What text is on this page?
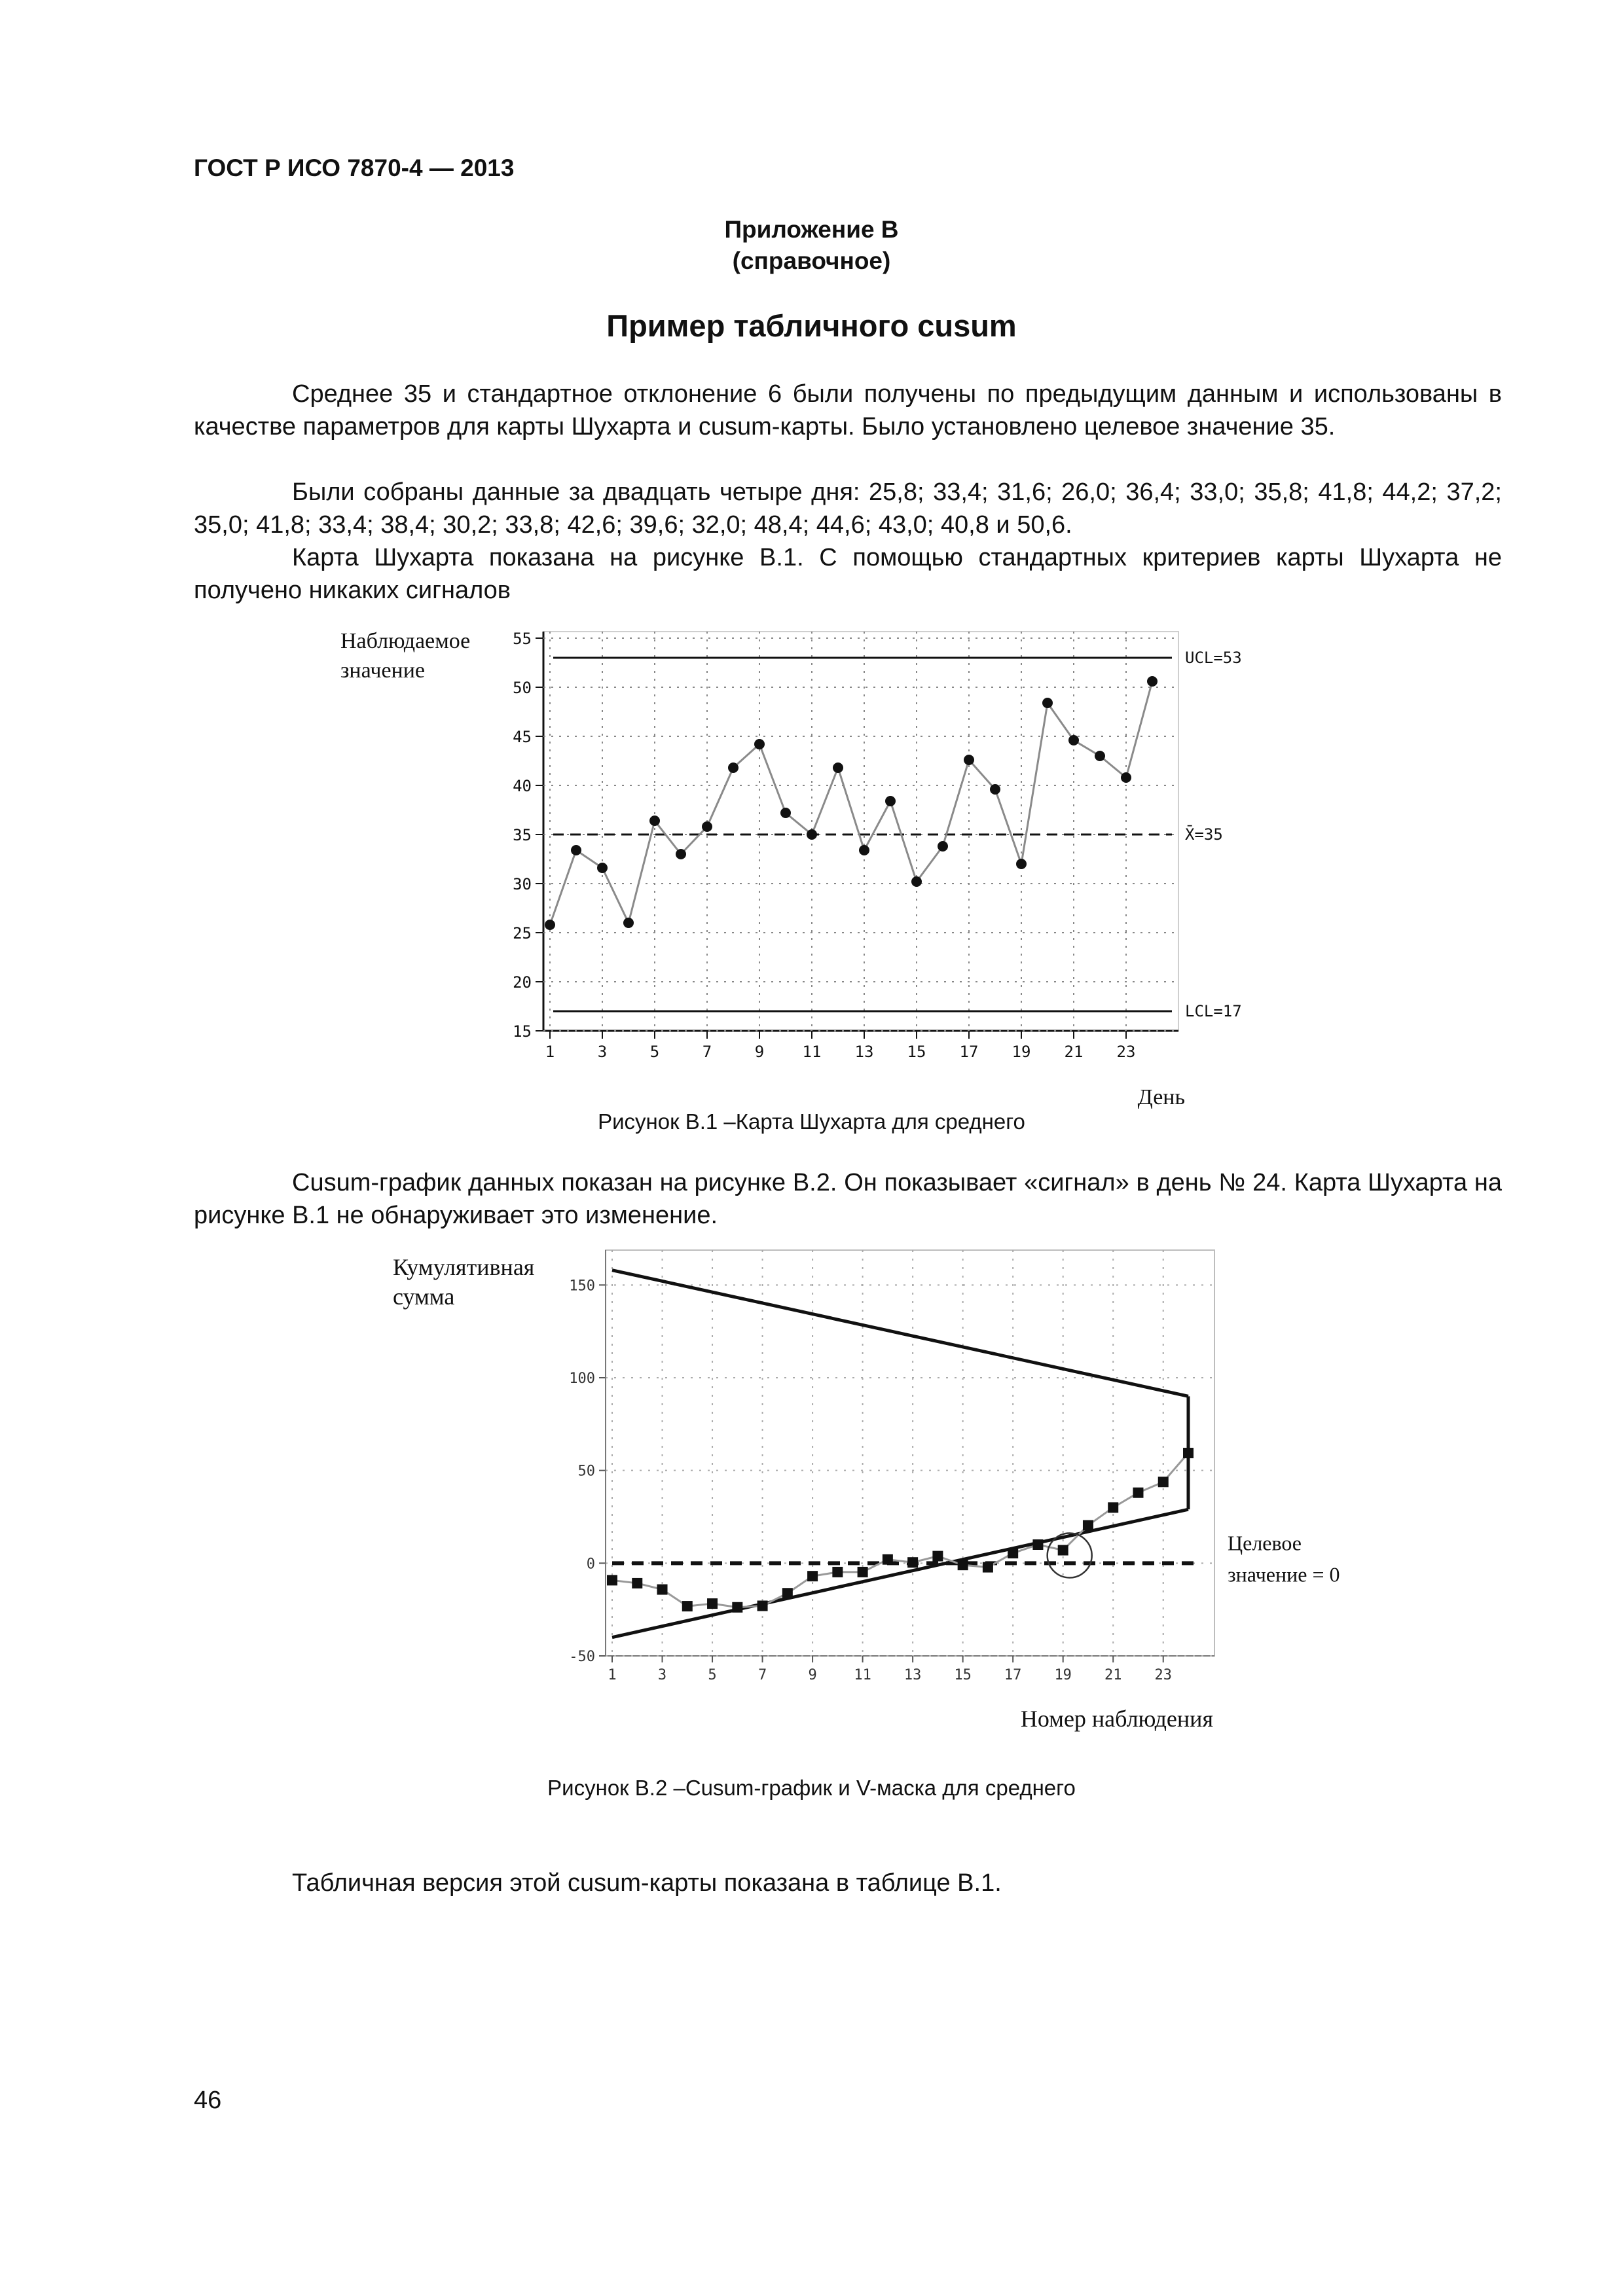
ГОСТ Р ИСО 7870-4 — 2013
Приложение В
(справочное)
Пример табличного cusum
Среднее 35 и стандартное отклонение 6 были получены по предыдущим данным и использованы в качестве параметров для карты Шухарта и cusum-карты. Было установлено целевое значение 35.
Были собраны данные за двадцать четыре дня: 25,8; 33,4; 31,6; 26,0; 36,4; 33,0; 35,8; 41,8; 44,2; 37,2; 35,0; 41,8; 33,4; 38,4; 30,2; 33,8; 42,6; 39,6; 32,0; 48,4; 44,6; 43,0; 40,8 и 50,6.
Карта Шухарта показана на рисунке В.1. С помощью стандартных критериев карты Шухарта не получено никаких сигналов
15
20
25
30
35
40
45
50
55
1	3	5	7	9 11 13 15 17 19 21 23
UCL=53
X̄=35
LCL=17
Наблюдаемое
значение
День
Рисунок В.1 –Карта Шухарта для среднего
Cusum-график данных показан на рисунке В.2. Он показывает «сигнал» в день № 24. Карта Шухарта на рисунке В.1 не обнаруживает это изменение.
-50
0
50
100
150
1	3	5	7	9	11 13 15 17 19 21 23
Кумулятивная
сумма
Номер наблюдения
Целевое
значение = 0
Рисунок В.2 –Cusum-график и V-маска для среднего
Табличная версия этой cusum-карты показана в таблице В.1.
46
